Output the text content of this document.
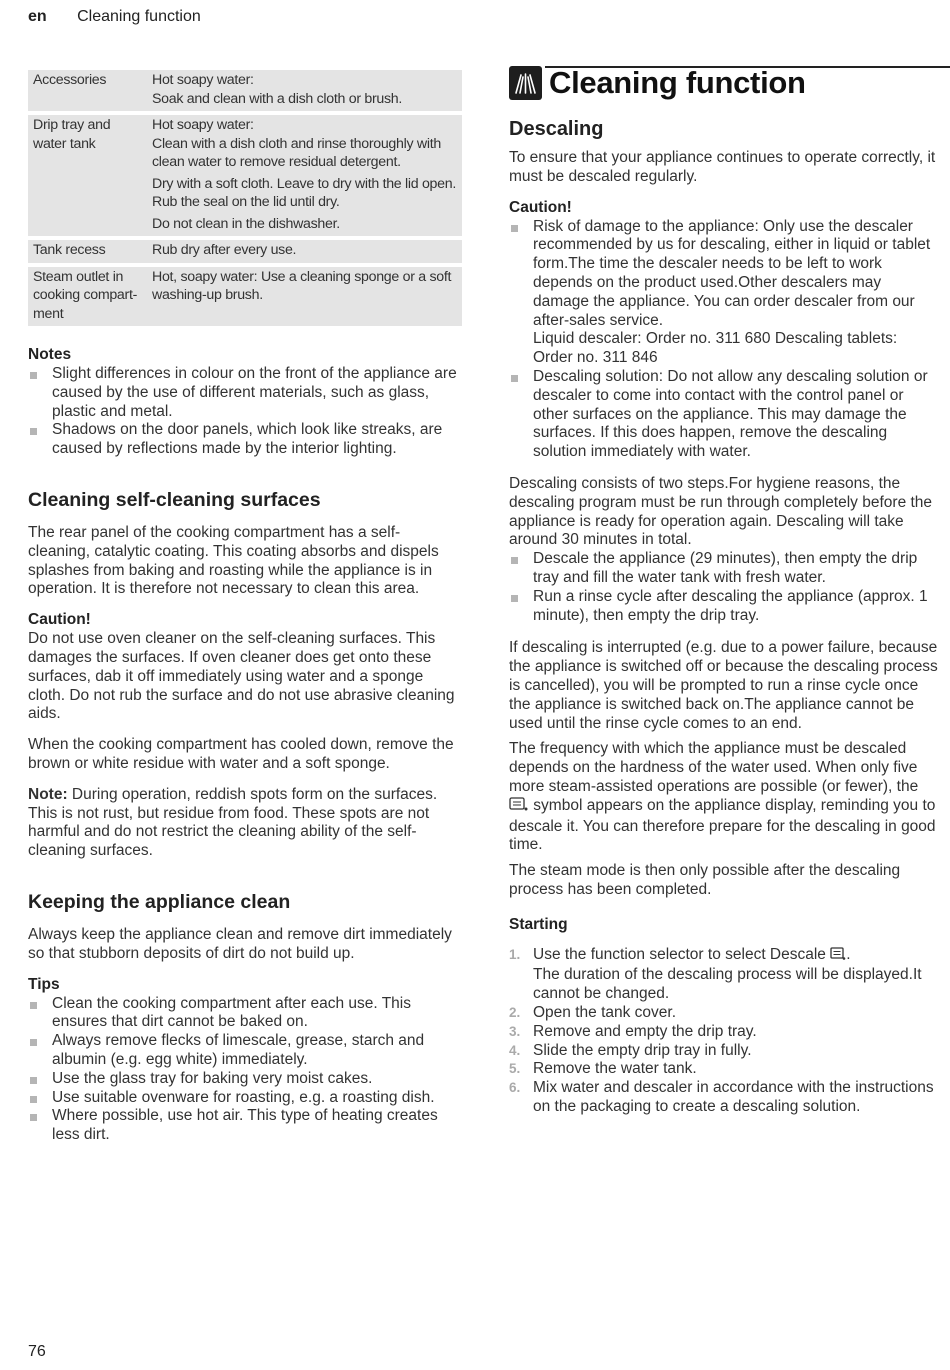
en Cleaning function
Accessories	Hot soapy water:
Soak and clean with a dish cloth or brush.

Drip tray and water tank	Hot soapy water:
Clean with a dish cloth and rinse thoroughly with clean water to remove residual detergent.

Dry with a soft cloth. Leave to dry with the lid open. Rub the seal on the lid until dry.

Do not clean in the dishwasher.

Tank recess	Rub dry after every use.

Steam outlet in cooking compart-ment	Hot, soapy water: Use a cleaning sponge or a soft washing-up brush.

Notes
Slight differences in colour on the front of the appliance are caused by the use of different materials, such as glass, plastic and metal.
Shadows on the door panels, which look like streaks, are caused by reflections made by the interior lighting.
Cleaning self-cleaning surfaces

The rear panel of the cooking compartment has a self-cleaning, catalytic coating. This coating absorbs and dispels splashes from baking and roasting while the appliance is in operation. It is therefore not necessary to clean this area.

Caution!

Do not use oven cleaner on the self-cleaning surfaces. This damages the surfaces. If oven cleaner does get onto these surfaces, dab it off immediately using water and a sponge cloth. Do not rub the surface and do not use abrasive cleaning aids.

When the cooking compartment has cooled down, remove the brown or white residue with water and a soft sponge.

Note: During operation, reddish spots form on the surfaces. This is not rust, but residue from food. These spots are not harmful and do not restrict the cleaning ability of the self-cleaning surfaces.

Keeping the appliance clean

Always keep the appliance clean and remove dirt immediately so that stubborn deposits of dirt do not build up.

Tips
Clean the cooking compartment after each use. This ensures that dirt cannot be baked on.
Always remove flecks of limescale, grease, starch and albumin (e.g. egg white) immediately.
Use the glass tray for baking very moist cakes.
Use suitable ovenware for roasting, e.g. a roasting dish.
Where possible, use hot air. This type of heating creates less dirt.
Cleaning function
Descaling

To ensure that your appliance continues to operate correctly, it must be descaled regularly.

Caution!
Risk of damage to the appliance: Only use the descaler recommended by us for descaling, either in liquid or tablet form.The time the descaler needs to be left to work depends on the product used.Other descalers may damage the appliance. You can order descaler from our after-sales service.
Liquid descaler: Order no. 311 680 Descaling tablets: Order no. 311 846
Descaling solution: Do not allow any descaling solution or descaler to come into contact with the control panel or other surfaces on the appliance. This may damage the surfaces. If this does happen, remove the descaling solution immediately with water.

Descaling consists of two steps.For hygiene reasons, the descaling program must be run through completely before the appliance is ready for operation again. Descaling will take around 30 minutes in total.

Descale the appliance (29 minutes), then empty the drip tray and fill the water tank with fresh water.
Run a rinse cycle after descaling the appliance (approx. 1 minute), then empty the drip tray.

If descaling is interrupted (e.g. due to a power failure, because the appliance is switched off or because the descaling process is cancelled), you will be prompted to run a rinse cycle once the appliance is switched back on.The appliance cannot be used until the rinse cycle comes to an end.

The frequency with which the appliance must be descaled depends on the hardness of the water used. When only five more steam-assisted operations are possible (or fewer), the  symbol appears on the appliance display, reminding you to descale it. You can therefore prepare for the descaling in good time.

The steam mode is then only possible after the descaling process has been completed.

Starting
1. Use the function selector to select Descale .
The duration of the descaling process will be displayed.It cannot be changed.
2. Open the tank cover.
3. Remove and empty the drip tray.
4. Slide the empty drip tray in fully.
5. Remove the water tank.
6. Mix water and descaler in accordance with the instructions on the packaging to create a descaling solution.
76
